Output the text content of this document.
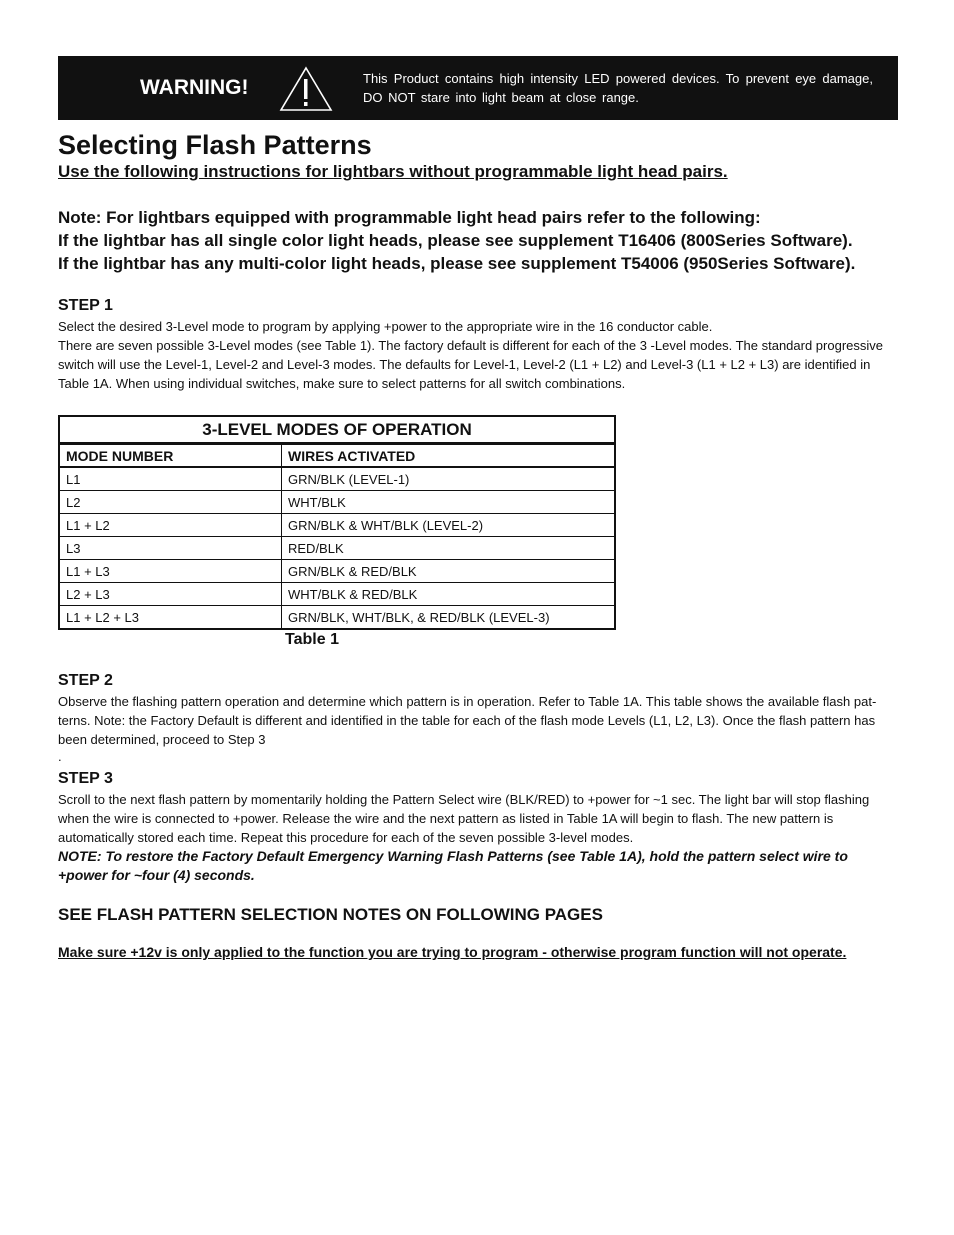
WARNING!	This Product contains high intensity LED powered devices. To prevent eye damage, DO NOT stare into light beam at close range.
Selecting Flash Patterns
Use the following instructions for lightbars without programmable light head pairs.
Note: For lightbars equipped with programmable light head pairs refer to the following:
If the lightbar has all single color light heads, please see supplement T16406 (800Series Software).
If the lightbar has any multi-color light heads, please see supplement T54006 (950Series Software).
STEP 1
Select the desired 3-Level mode to program by applying +power to the appropriate wire in the 16 conductor cable.
There are seven possible 3-Level modes (see Table 1). The factory default is different for each of the 3 -Level modes. The standard progressive switch will use the Level-1, Level-2 and Level-3 modes. The defaults for Level-1, Level-2 (L1 + L2) and Level-3 (L1 + L2 + L3) are identified in Table 1A. When using individual switches, make sure to select patterns for all switch combinations.
3-LEVEL MODES OF OPERATION	
MODE NUMBER	WIRES ACTIVATED
L1	GRN/BLK (LEVEL-1)
L2	WHT/BLK
L1 + L2	GRN/BLK & WHT/BLK (LEVEL-2)
L3	RED/BLK
L1 + L3	GRN/BLK & RED/BLK
L2 + L3	WHT/BLK & RED/BLK
L1 + L2 + L3	GRN/BLK, WHT/BLK, & RED/BLK (LEVEL-3)
Table 1
STEP 2
Observe the flashing pattern operation and determine which pattern is in operation. Refer to Table 1A. This table shows the available flash pat-terns. Note: the Factory Default is different and identified in the table for each of the flash mode Levels (L1, L2, L3). Once the flash pattern has been determined, proceed to Step 3
.
STEP 3
Scroll to the next flash pattern by momentarily holding the Pattern Select wire (BLK/RED) to +power for ~1 sec. The light bar will stop flashing when the wire is connected to +power. Release the wire and the next pattern as listed in Table 1A will begin to flash. The new pattern is automatically stored each time. Repeat this procedure for each of the seven possible 3-level modes.
NOTE: To restore the Factory Default Emergency Warning Flash Patterns (see Table 1A), hold the pattern select wire to +power for ~four (4) seconds.
SEE FLASH PATTERN SELECTION NOTES ON FOLLOWING PAGES
Make sure +12v is only applied to the function you are trying to program - otherwise program function will not operate.
